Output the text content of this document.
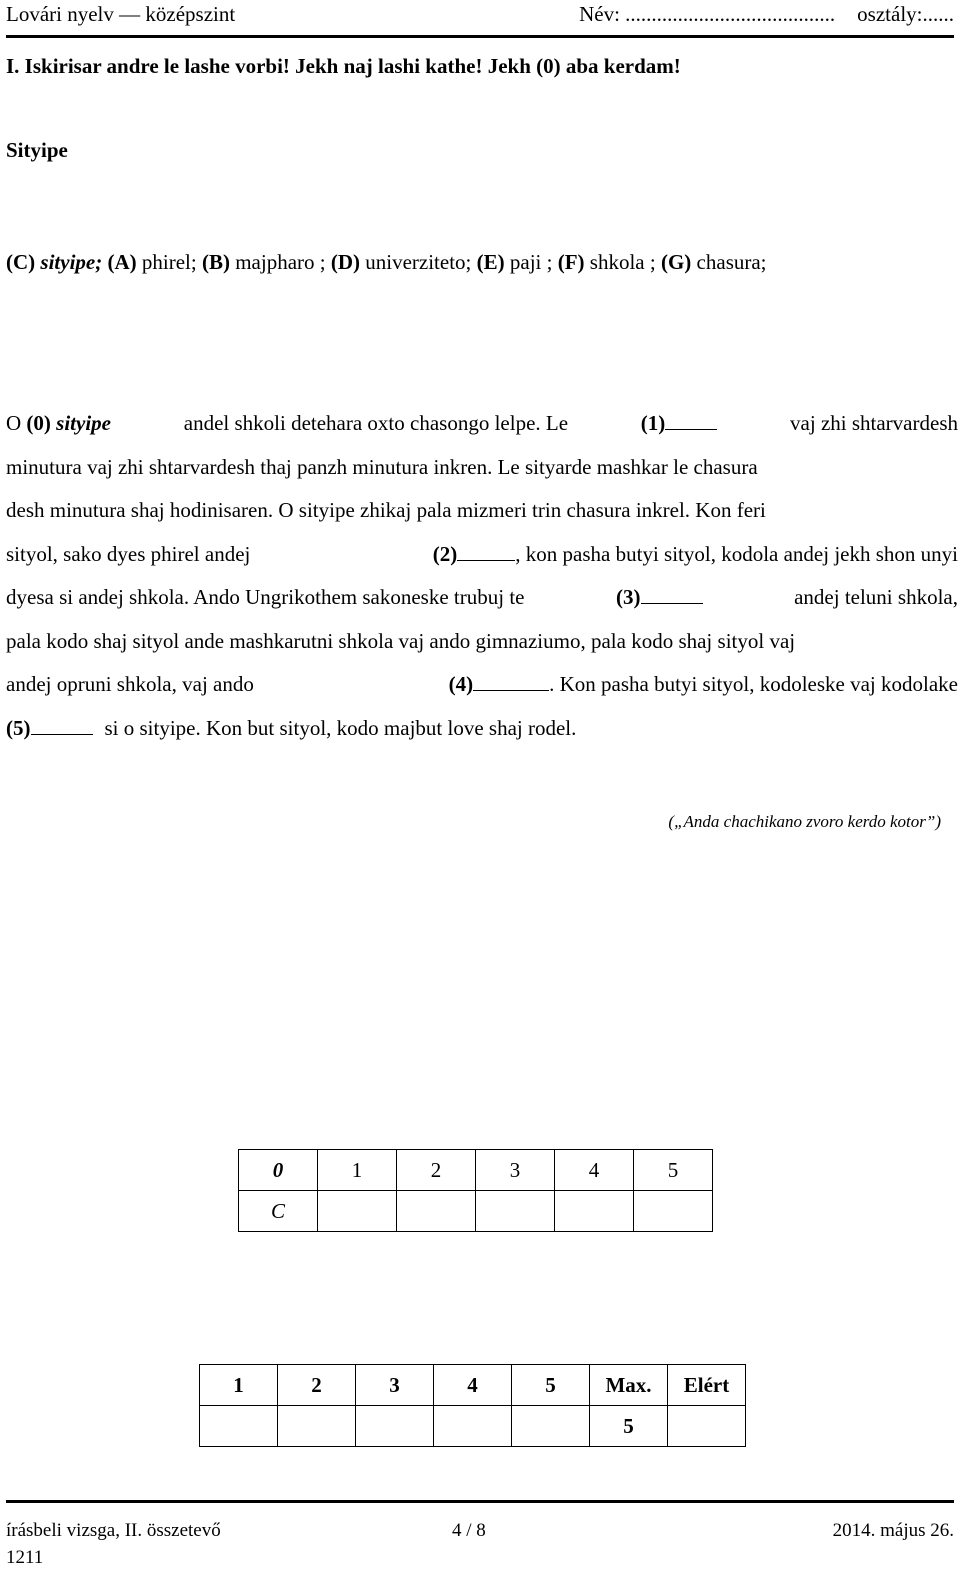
Lovári nyelv — középszint	Név: ........................................ osztály:......
I. Iskirisar andre le lashe vorbi! Jekh naj lashi kathe! Jekh (0) aba kerdam!
Sityipe
(C) sityipe; (A) phirel; (B) majpharo ; (D) univerziteto; (E) paji ; (F) shkola ; (G) chasura;
O (0) sityipe	andel shkoli detehara oxto chasongo lelpe. Le	(1)	vaj zhi shtarvardesh
minutura vaj zhi shtarvardesh thaj panzh minutura inkren. Le sityarde mashkar le chasura
desh minutura shaj hodinisaren. O sityipe zhikaj pala mizmeri trin chasura inkrel. Kon feri
sityol, sako dyes phirel andej	(2)	, kon pasha butyi sityol, kodola andej jekh shon unyi
dyesa si andej shkola. Ando Ungrikothem sakoneske trubuj te	(3)	andej teluni shkola,
pala kodo shaj sityol ande mashkarutni shkola vaj ando gimnaziumo, pala kodo shaj sityol vaj
andej opruni shkola, vaj ando	(4)	. Kon pasha butyi sityol, kodoleske vaj kodolake
(5)	si o sityipe. Kon but sityol, kodo majbut love shaj rodel.
(„Anda chachikano zvoro kerdo kotor”)
0	1	2	3	4	5
C					
1	2	3	4	5	Max.	Elért
					5	
írásbeli vizsga, II. összetevő	4 / 8	2014. május 26.
1211
